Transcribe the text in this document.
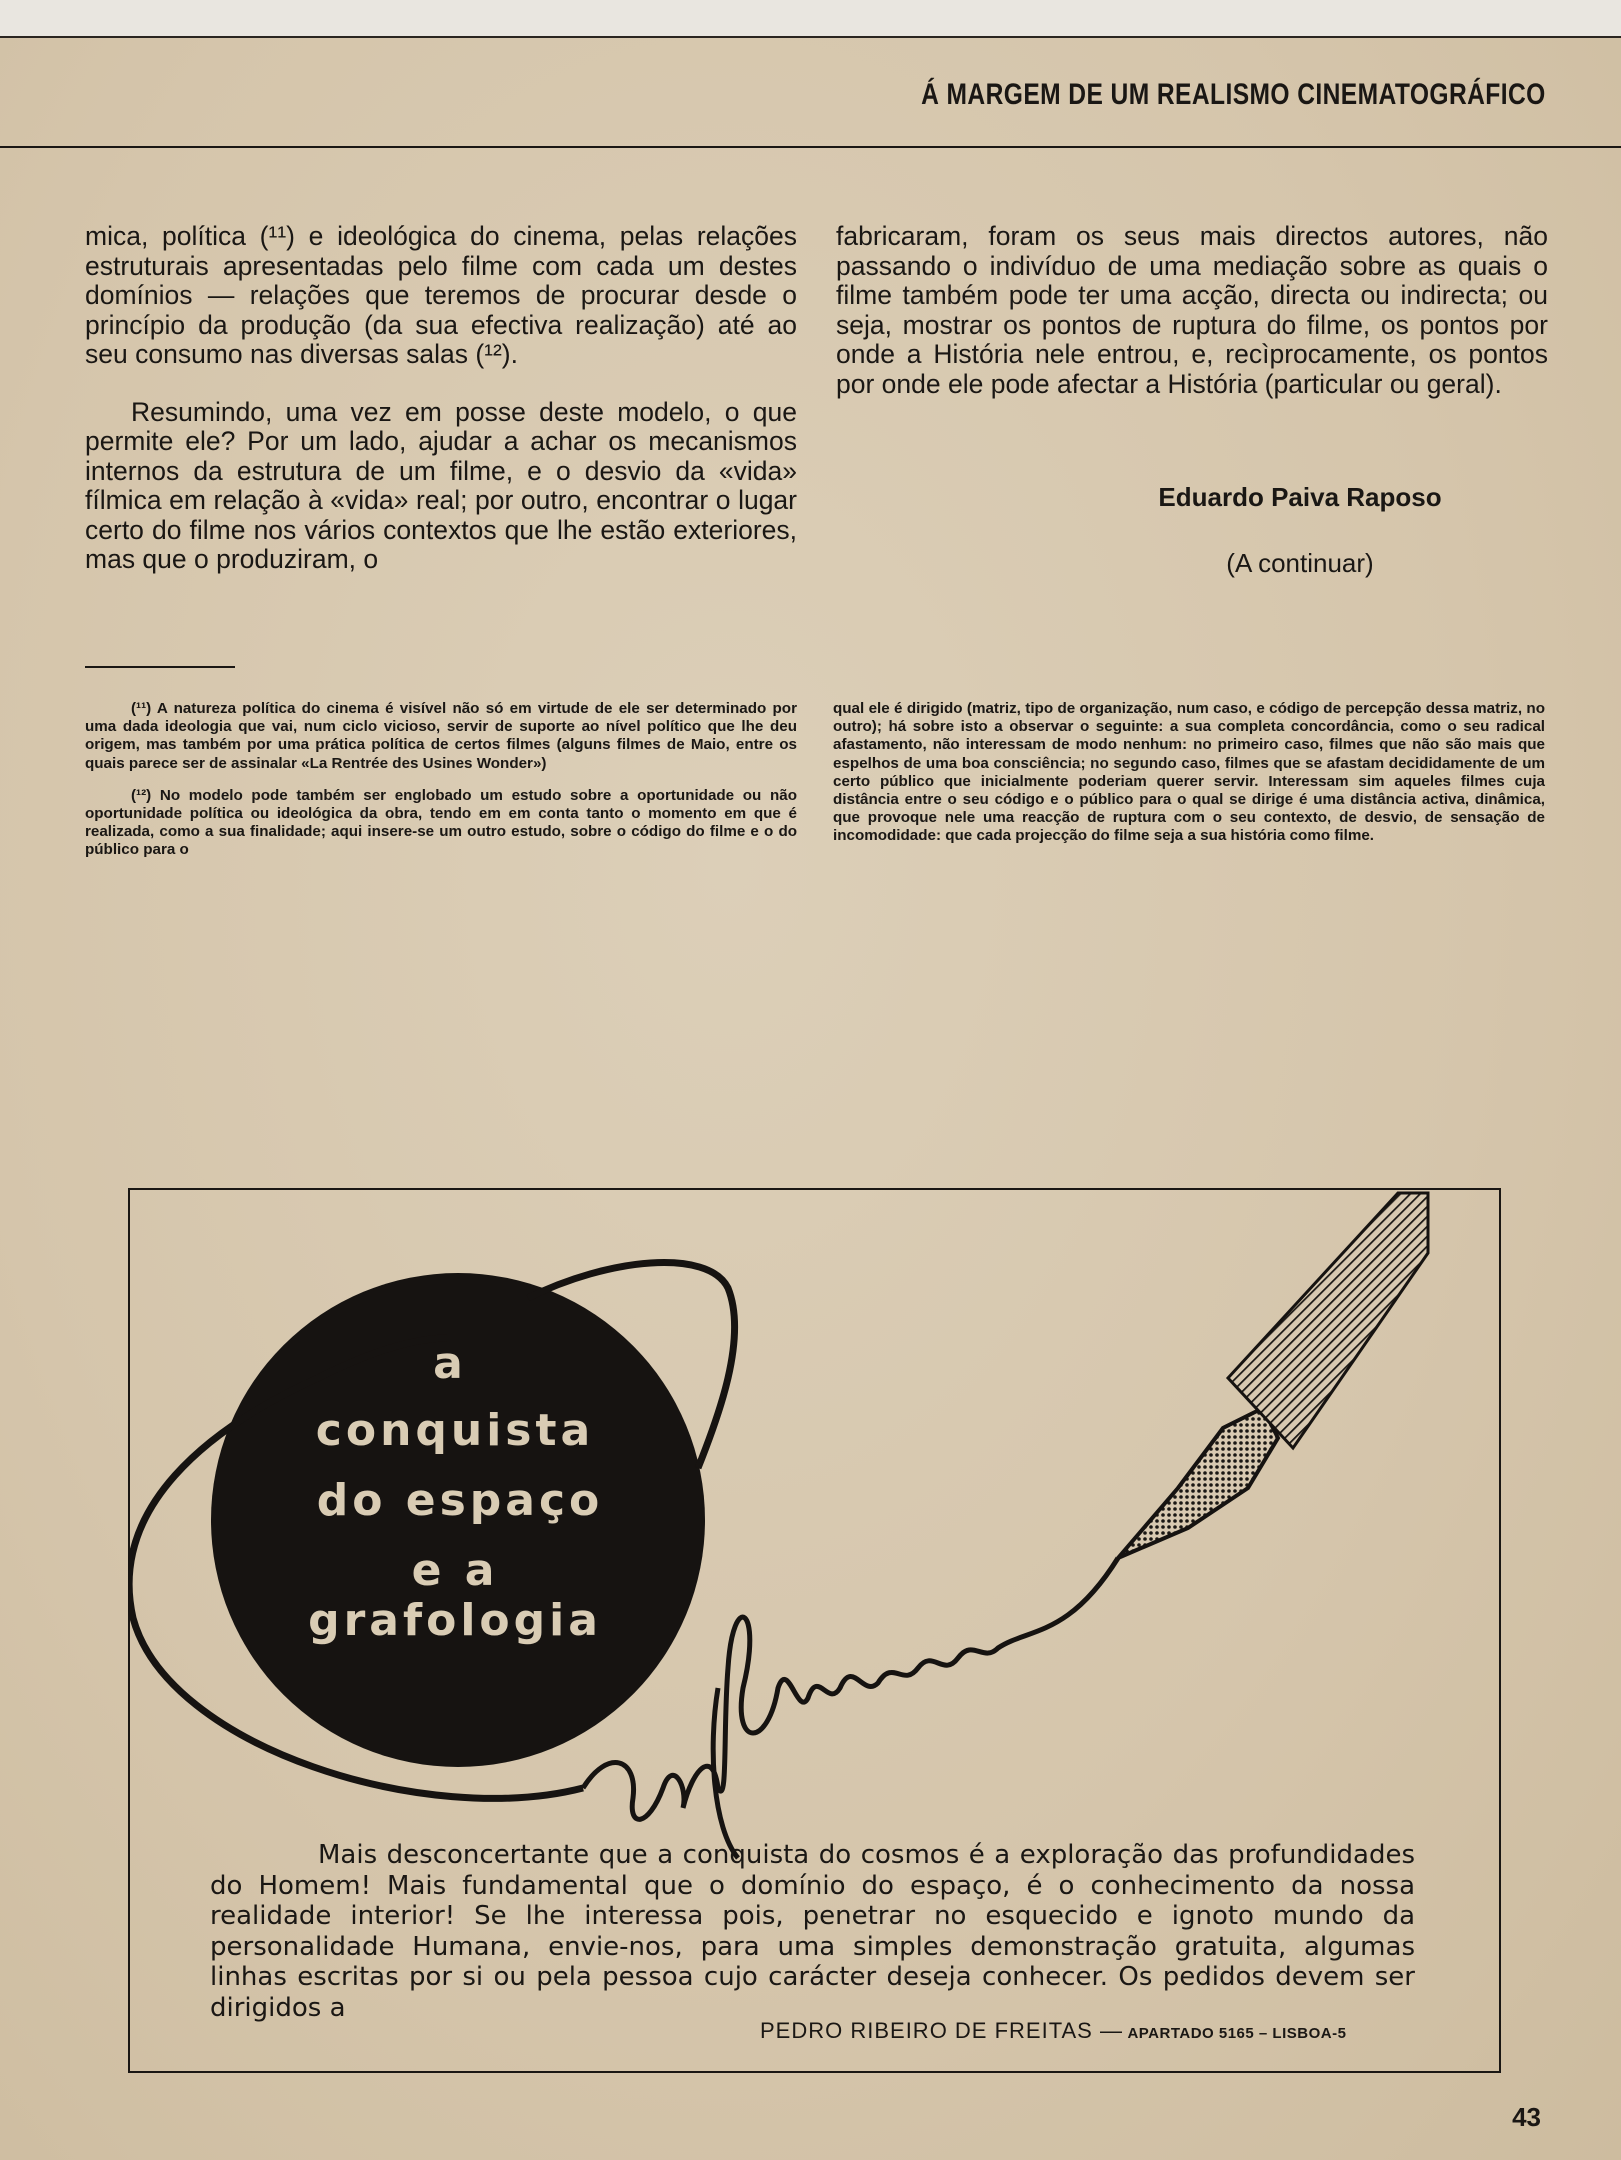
Á MARGEM DE UM REALISMO CINEMATOGRÁFICO

mica, política (¹¹) e ideológica do cinema, pelas relações estruturais apresentadas pelo filme com cada um destes domínios — relações que teremos de procurar desde o princípio da produção (da sua efectiva realização) até ao seu consumo nas diversas salas (¹²).

Resumindo, uma vez em posse deste modelo, o que permite ele? Por um lado, ajudar a achar os mecanismos internos da estrutura de um filme, e o desvio da «vida» fílmica em relação à «vida» real; por outro, encontrar o lugar certo do filme nos vários contextos que lhe estão exteriores, mas que o produziram, o

fabricaram, foram os seus mais directos autores, não passando o indivíduo de uma mediação sobre as quais o filme também pode ter uma acção, directa ou indirecta; ou seja, mostrar os pontos de ruptura do filme, os pontos por onde a História nele entrou, e, recìprocamente, os pontos por onde ele pode afectar a História (particular ou geral).

Eduardo Paiva Raposo
(A continuar)

(¹¹) A natureza política do cinema é visível não só em virtude de ele ser determinado por uma dada ideologia que vai, num ciclo vicioso, servir de suporte ao nível político que lhe deu origem, mas também por uma prática política de certos filmes (alguns filmes de Maio, entre os quais parece ser de assinalar «La Rentrée des Usines Wonder»)

(¹²) No modelo pode também ser englobado um estudo sobre a oportunidade ou não oportunidade política ou ideológica da obra, tendo em em conta tanto o momento em que é realizada, como a sua finalidade; aqui insere-se um outro estudo, sobre o código do filme e o do público para o

qual ele é dirigido (matriz, tipo de organização, num caso, e código de percepção dessa matriz, no outro); há sobre isto a observar o seguinte: a sua completa concordância, como o seu radical afastamento, não interessam de modo nenhum: no primeiro caso, filmes que não são mais que espelhos de uma boa consciência; no segundo caso, filmes que se afastam decididamente de um certo público que inicialmente poderiam querer servir. Interessam sim aqueles filmes cuja distância entre o seu código e o público para o qual se dirige é uma distância activa, dinâmica, que provoque nele uma reacção de ruptura com o seu contexto, de desvio, de sensação de incomodidade: que cada projecção do filme seja a sua história como filme.

a
conquista
do espaço
e a
grafologia

Mais desconcertante que a conquista do cosmos é a exploração das profundidades do Homem! Mais fundamental que o domínio do espaço, é o conhecimento da nossa realidade interior! Se lhe interessa pois, penetrar no esquecido e ignoto mundo da personalidade Humana, envie-nos, para uma simples demonstração gratuita, algumas linhas escritas por si ou pela pessoa cujo carácter deseja conhecer. Os pedidos devem ser dirigidos a

PEDRO RIBEIRO DE FREITAS — APARTADO 5165 – LISBOA-5
43
